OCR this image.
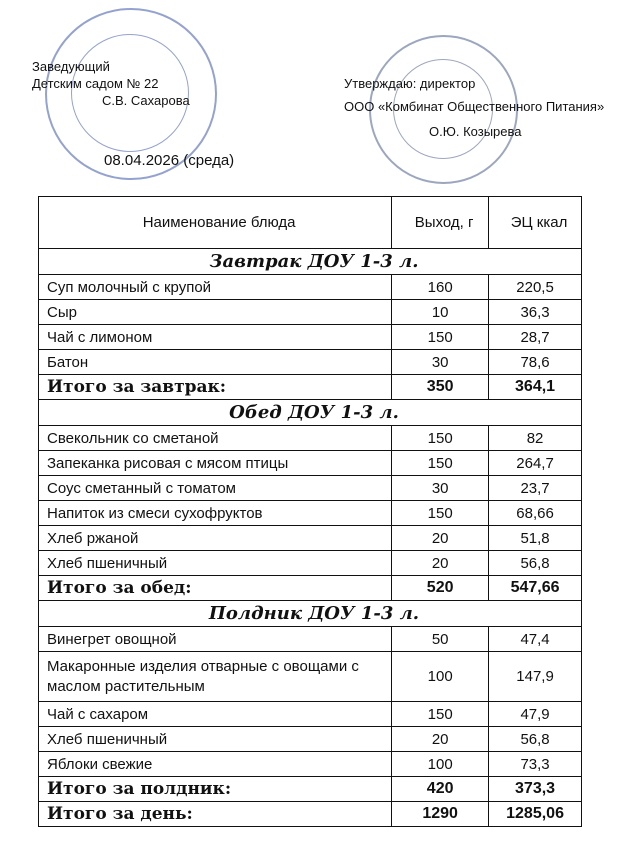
Заведующий
Детским садом № 22
С.В. Сахарова
Утверждаю: директор
ООО «Комбинат Общественного Питания»
О.Ю. Козырева
08.04.2026 (среда)
Наименование блюда	Выход, г	ЭЦ ккал
Завтрак ДОУ 1-3 л.		
Суп молочный с крупой	160	220,5
Сыр	10	36,3
Чай с лимоном	150	28,7
Батон	30	78,6
Итого за завтрак:	350	364,1
Обед ДОУ 1-3 л.		
Свекольник со сметаной	150	82
Запеканка рисовая с мясом птицы	150	264,7
Соус сметанный с томатом	30	23,7
Напиток из смеси сухофруктов	150	68,66
Хлеб ржаной	20	51,8
Хлеб пшеничный	20	56,8
Итого за обед:	520	547,66
Полдник ДОУ 1-3 л.		
Винегрет овощной	50	47,4
Макаронные изделия отварные с овощами с маслом растительным	100	147,9
Чай с сахаром	150	47,9
Хлеб пшеничный	20	56,8
Яблоки свежие	100	73,3
Итого за полдник:	420	373,3
Итого за день:	1290	1285,06
